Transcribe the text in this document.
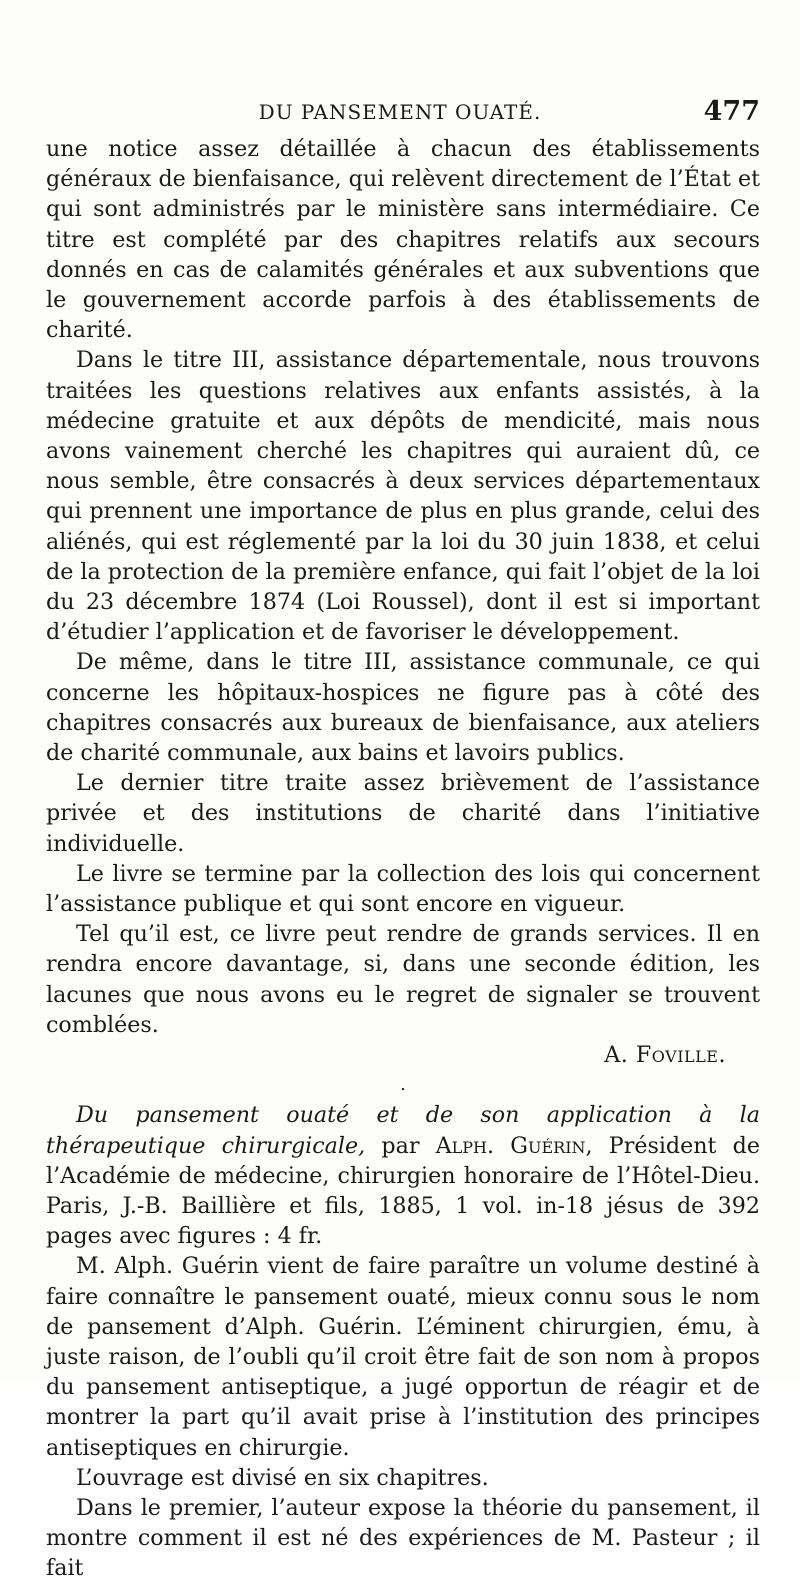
DU PANSEMENT OUATÉ.	477

une notice assez détaillée à chacun des établissements généraux de bienfaisance, qui relèvent directement de l’État et qui sont administrés par le ministère sans intermédiaire. Ce titre est complété par des chapitres relatifs aux secours donnés en cas de calamités générales et aux subventions que le gouvernement accorde parfois à des établissements de charité.

Dans le titre III, assistance départementale, nous trouvons traitées les questions relatives aux enfants assistés, à la médecine gratuite et aux dépôts de mendicité, mais nous avons vainement cherché les chapitres qui auraient dû, ce nous semble, être consacrés à deux services départementaux qui prennent une importance de plus en plus grande, celui des aliénés, qui est réglementé par la loi du 30 juin 1838, et celui de la protection de la première enfance, qui fait l’objet de la loi du 23 décembre 1874 (Loi Roussel), dont il est si important d’étudier l’application et de favoriser le développement.

De même, dans le titre III, assistance communale, ce qui concerne les hôpitaux-hospices ne figure pas à côté des chapitres consacrés aux bureaux de bienfaisance, aux ateliers de charité communale, aux bains et lavoirs publics.

Le dernier titre traite assez brièvement de l’assistance privée et des institutions de charité dans l’initiative individuelle.

Le livre se termine par la collection des lois qui concernent l’assistance publique et qui sont encore en vigueur.

Tel qu’il est, ce livre peut rendre de grands services. Il en rendra encore davantage, si, dans une seconde édition, les lacunes que nous avons eu le regret de signaler se trouvent comblées.

A. Foville.

.

Du pansement ouaté et de son application à la thérapeutique chirurgicale, par Alph. Guérin, Président de l’Académie de médecine, chirurgien honoraire de l’Hôtel-Dieu. Paris, J.-B. Baillière et fils, 1885, 1 vol. in-18 jésus de 392 pages avec figures : 4 fr.

M. Alph. Guérin vient de faire paraître un volume destiné à faire connaître le pansement ouaté, mieux connu sous le nom de pansement d’Alph. Guérin. L’éminent chirurgien, ému, à juste raison, de l’oubli qu’il croit être fait de son nom à propos du pansement antiseptique, a jugé opportun de réagir et de montrer la part qu’il avait prise à l’institution des principes antiseptiques en chirurgie.

L’ouvrage est divisé en six chapitres.

Dans le premier, l’auteur expose la théorie du pansement, il montre comment il est né des expériences de M. Pasteur ; il fait
